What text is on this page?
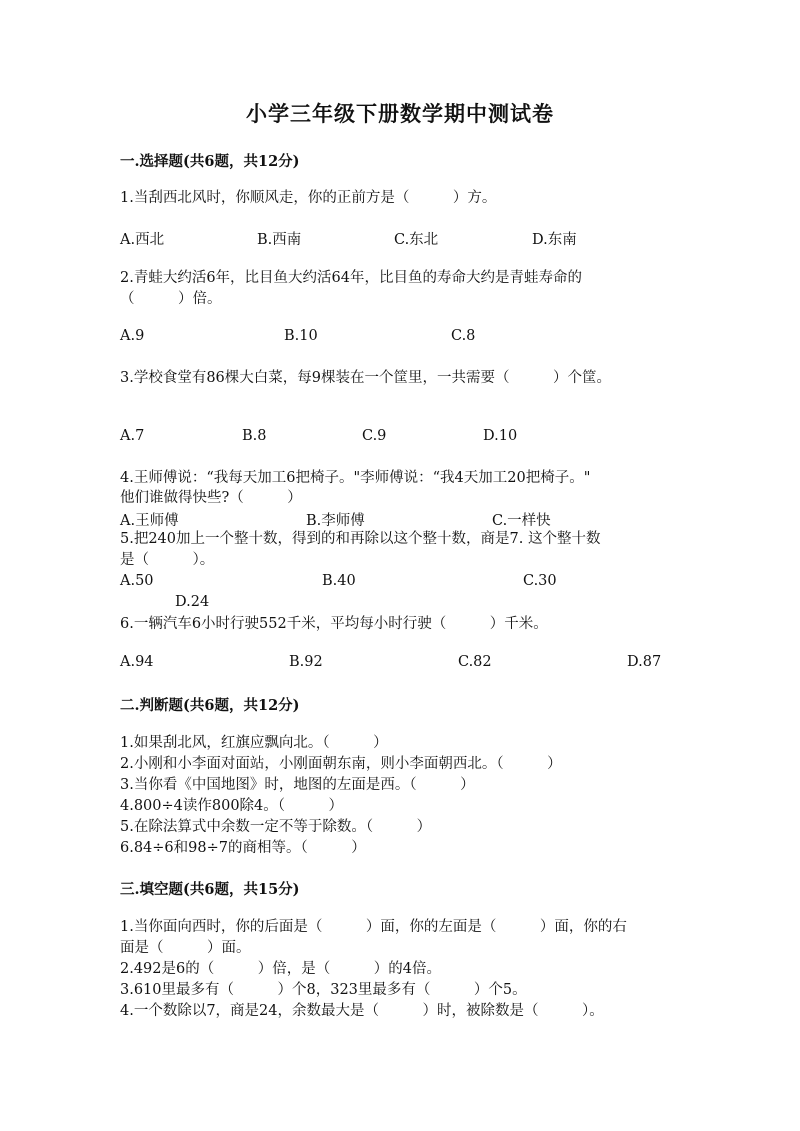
小学三年级下册数学期中测试卷
一.选择题(共6题，共12分)
1.当刮西北风时，你顺风走，你的正前方是（　　　）方。
A.西北	B.西南	C.东北	D.东南
2.青蛙大约活6年，比目鱼大约活64年，比目鱼的寿命大约是青蛙寿命的
（　　　）倍。
A.9	B.10	C.8
3.学校食堂有86棵大白菜，每9棵装在一个筐里，一共需要（　　　）个筐。
A.7	B.8	C.9	D.10
4.王师傅说：“我每天加工6把椅子。"李师傅说：“我4天加工20把椅子。"
他们谁做得快些?（　　　）
A.王师傅	B.李师傅	C.一样快
5.把240加上一个整十数，得到的和再除以这个整十数，商是7. 这个整十数
是（　　　）。
A.50	B.40	C.30
D.24
6.一辆汽车6小时行驶552千米，平均每小时行驶（　　　）千米。
A.94	B.92	C.82	D.87
二.判断题(共6题，共12分)
1.如果刮北风，红旗应飘向北。（　　　）
2.小刚和小李面对面站，小刚面朝东南，则小李面朝西北。（　　　）
3.当你看《中国地图》时，地图的左面是西。（　　　）
4.800÷4读作800除4。（　　　）
5.在除法算式中余数一定不等于除数。（　　　）
6.84÷6和98÷7的商相等。（　　　）
三.填空题(共6题，共15分)
1.当你面向西时，你的后面是（　　　）面，你的左面是（　　　）面，你的右
面是（　　　）面。
2.492是6的（　　　）倍，是（　　　）的4倍。
3.610里最多有（　　　）个8，323里最多有（　　　）个5。
4.一个数除以7，商是24，余数最大是（　　　）时，被除数是（　　　）。
